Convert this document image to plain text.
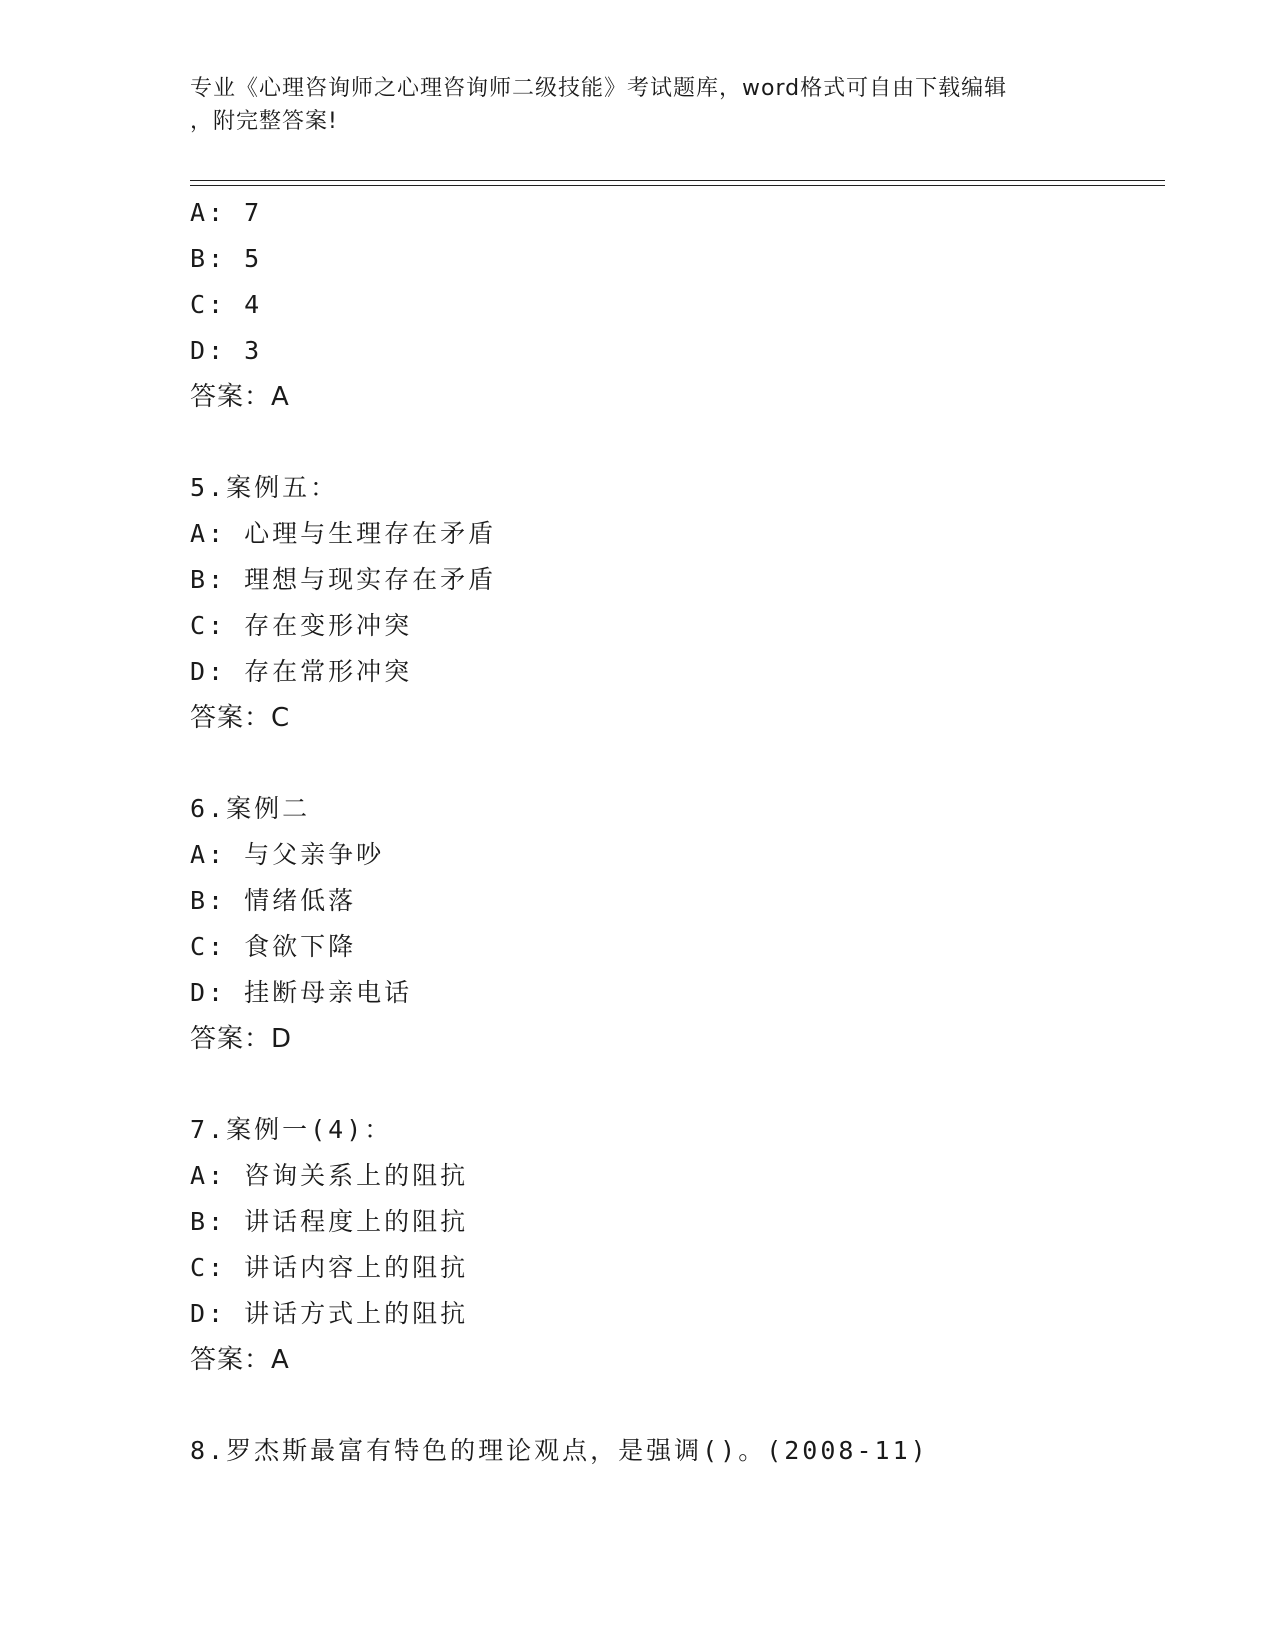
专业《心理咨询师之心理咨询师二级技能》考试题库，word格式可自由下载编辑
，附完整答案!
A: 7
B: 5
C: 4
D: 3
答案：A
5.案例五：
A: 心理与生理存在矛盾
B: 理想与现实存在矛盾
C: 存在变形冲突
D: 存在常形冲突
答案：C
6.案例二
A: 与父亲争吵
B: 情绪低落
C: 食欲下降
D: 挂断母亲电话
答案：D
7.案例一(4)：
A: 咨询关系上的阻抗
B: 讲话程度上的阻抗
C: 讲话内容上的阻抗
D: 讲话方式上的阻抗
答案：A
8.罗杰斯最富有特色的理论观点，是强调()。(2008-11)
